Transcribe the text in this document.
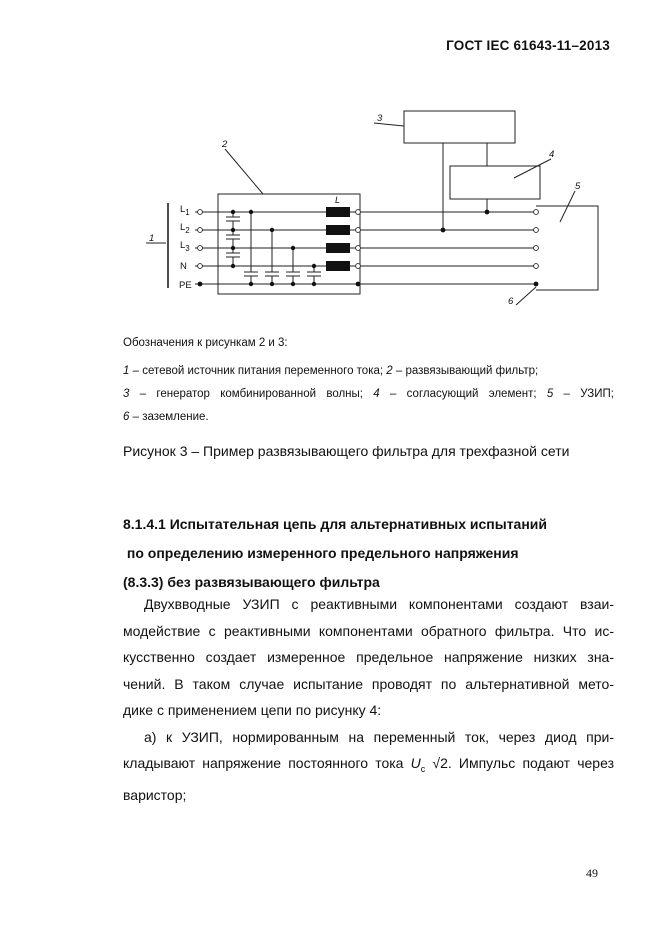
ГОСТ IEC 61643-11–2013
1
2
3
4
5
6
L
$L_1$
$L_2$
$L_3$
N
PE
Обозначения к рисункам 2 и 3:

1 – сетевой источник питания переменного тока; 2 – развязывающий фильтр;

3 – генератор комбинированной волны; 4 – согласующий элемент; 5 – УЗИП;

6 – заземление.

Рисунок 3 – Пример развязывающего фильтра для трехфазной сети
8.1.4.1 Испытательная цепь для альтернативных испытаний
по определению измеренного предельного напряжения
(8.3.3) без развязывающего фильтра
  Двухвводные УЗИП с реактивными компонентами создают взаи-
модействие с реактивными компонентами обратного фильтра. Что ис-
кусственно создает измеренное предельное напряжение низких зна-
чений. В таком случае испытание проводят по альтернативной мето-
дике с применением цепи по рисунку 4:
  а) к УЗИП, нормированным на переменный ток, через диод при-
кладывают напряжение постоянного тока $U_c$ √2. Импульс подают через
варистор;
49
